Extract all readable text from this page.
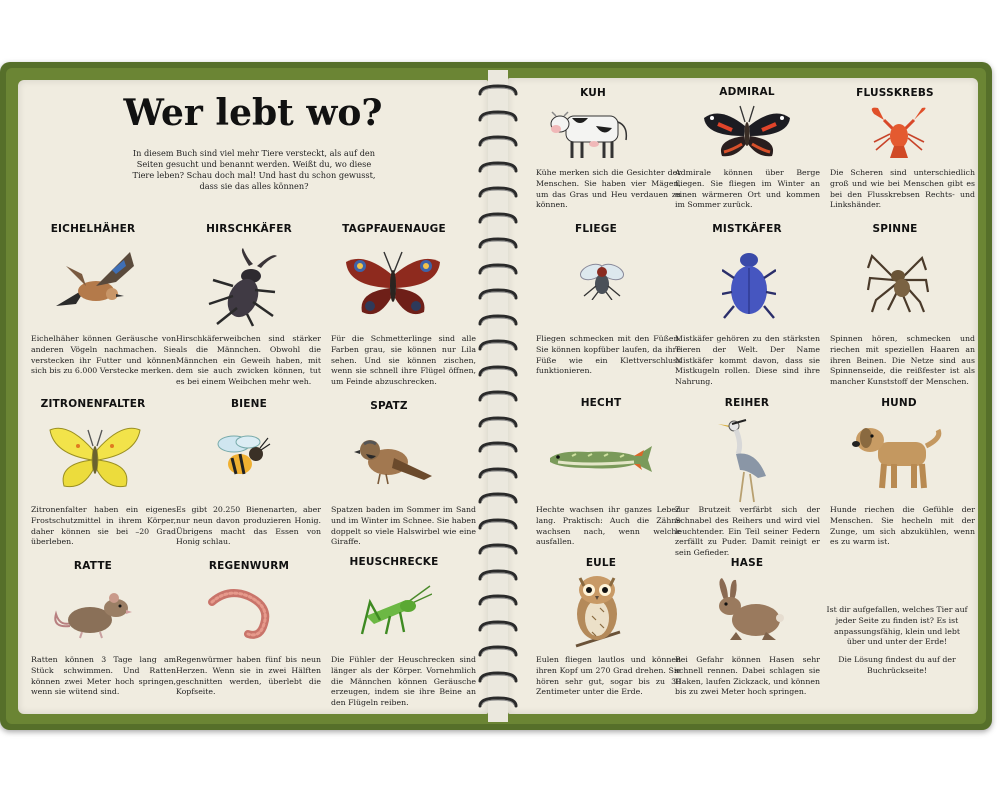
Wer lebt wo?
In diesem Buch sind viel mehr Tiere versteckt, als auf den Seiten gesucht und benannt werden. Weißt du, wo diese Tiere leben? Schau doch mal! Und hast du schon gewusst, dass sie das alles können?
EICHELHÄHER
Eichelhäher können Geräusche von anderen Vögeln nachmachen. Sie verstecken ihr Futter und können sich bis zu 6.000 Verstecke merken.
HIRSCHKÄFER
Hirschkäferweibchen sind stärker als die Männchen. Obwohl die Männchen ein Geweih haben, mit dem sie auch zwicken können, tut es bei einem Weibchen mehr weh.
TAGPFAUENAUGE
Für die Schmetterlinge sind alle Farben grau, sie können nur Lila sehen. Und sie können zischen, wenn sie schnell ihre Flügel öffnen, um Feinde abzuschrecken.
ZITRONENFALTER
Zitronenfalter haben ein eigenes Frostschutzmittel in ihrem Körper, daher können sie bei –20 Grad überleben.
BIENE
Es gibt 20.250 Bienenarten, aber nur neun davon produzieren Honig. Übrigens macht das Essen von Honig schlau.
SPATZ
Spatzen baden im Sommer im Sand und im Winter im Schnee. Sie haben doppelt so viele Halswirbel wie eine Giraffe.
RATTE
Ratten können 3 Tage lang am Stück schwimmen. Und Ratten können zwei Meter hoch springen, wenn sie wütend sind.
REGENWURM
Regenwürmer haben fünf bis neun Herzen. Wenn sie in zwei Hälften geschnitten werden, überlebt die Kopfseite.
HEUSCHRECKE
Die Fühler der Heuschrecken sind länger als der Körper. Vornehmlich die Männchen können Geräusche erzeugen, indem sie ihre Beine an den Flügeln reiben.
KUH
Kühe merken sich die Gesichter der Menschen. Sie haben vier Mägen, um das Gras und Heu verdauen zu können.
ADMIRAL
Admirale können über Berge fliegen. Sie fliegen im Winter an einen wärmeren Ort und kommen im Sommer zurück.
FLUSSKREBS
Die Scheren sind unterschiedlich groß und wie bei Menschen gibt es bei den Flusskrebsen Rechts- und Linkshänder.
FLIEGE
Fliegen schmecken mit den Füßen. Sie können kopfüber laufen, da ihre Füße wie ein Klettverschluss funktionieren.
MISTKÄFER
Mistkäfer gehören zu den stärksten Tieren der Welt. Der Name Mistkäfer kommt davon, dass sie Mistkugeln rollen. Diese sind ihre Nahrung.
SPINNE
Spinnen hören, schmecken und riechen mit speziellen Haaren an ihren Beinen. Die Netze sind aus Spinnenseide, die reißfester ist als mancher Kunststoff der Menschen.
HECHT
Hechte wachsen ihr ganzes Leben lang. Praktisch: Auch die Zähne wachsen nach, wenn welche ausfallen.
REIHER
Zur Brutzeit verfärbt sich der Schnabel des Reihers und wird viel leuchtender. Ein Teil seiner Federn zerfällt zu Puder. Damit reinigt er sein Gefieder.
HUND
Hunde riechen die Gefühle der Menschen. Sie hecheln mit der Zunge, um sich abzukühlen, wenn es zu warm ist.
EULE
Eulen fliegen lautlos und können ihren Kopf um 270 Grad drehen. Sie hören sehr gut, sogar bis zu 30 Zentimeter unter die Erde.
HASE
Bei Gefahr können Hasen sehr schnell rennen. Dabei schlagen sie Haken, laufen Zickzack, und können bis zu zwei Meter hoch springen.
Ist dir aufgefallen, welches Tier auf jeder Seite zu finden ist? Es ist anpassungsfähig, klein und lebt über und unter der Erde!
Die Lösung findest du auf der Buchrückseite!
